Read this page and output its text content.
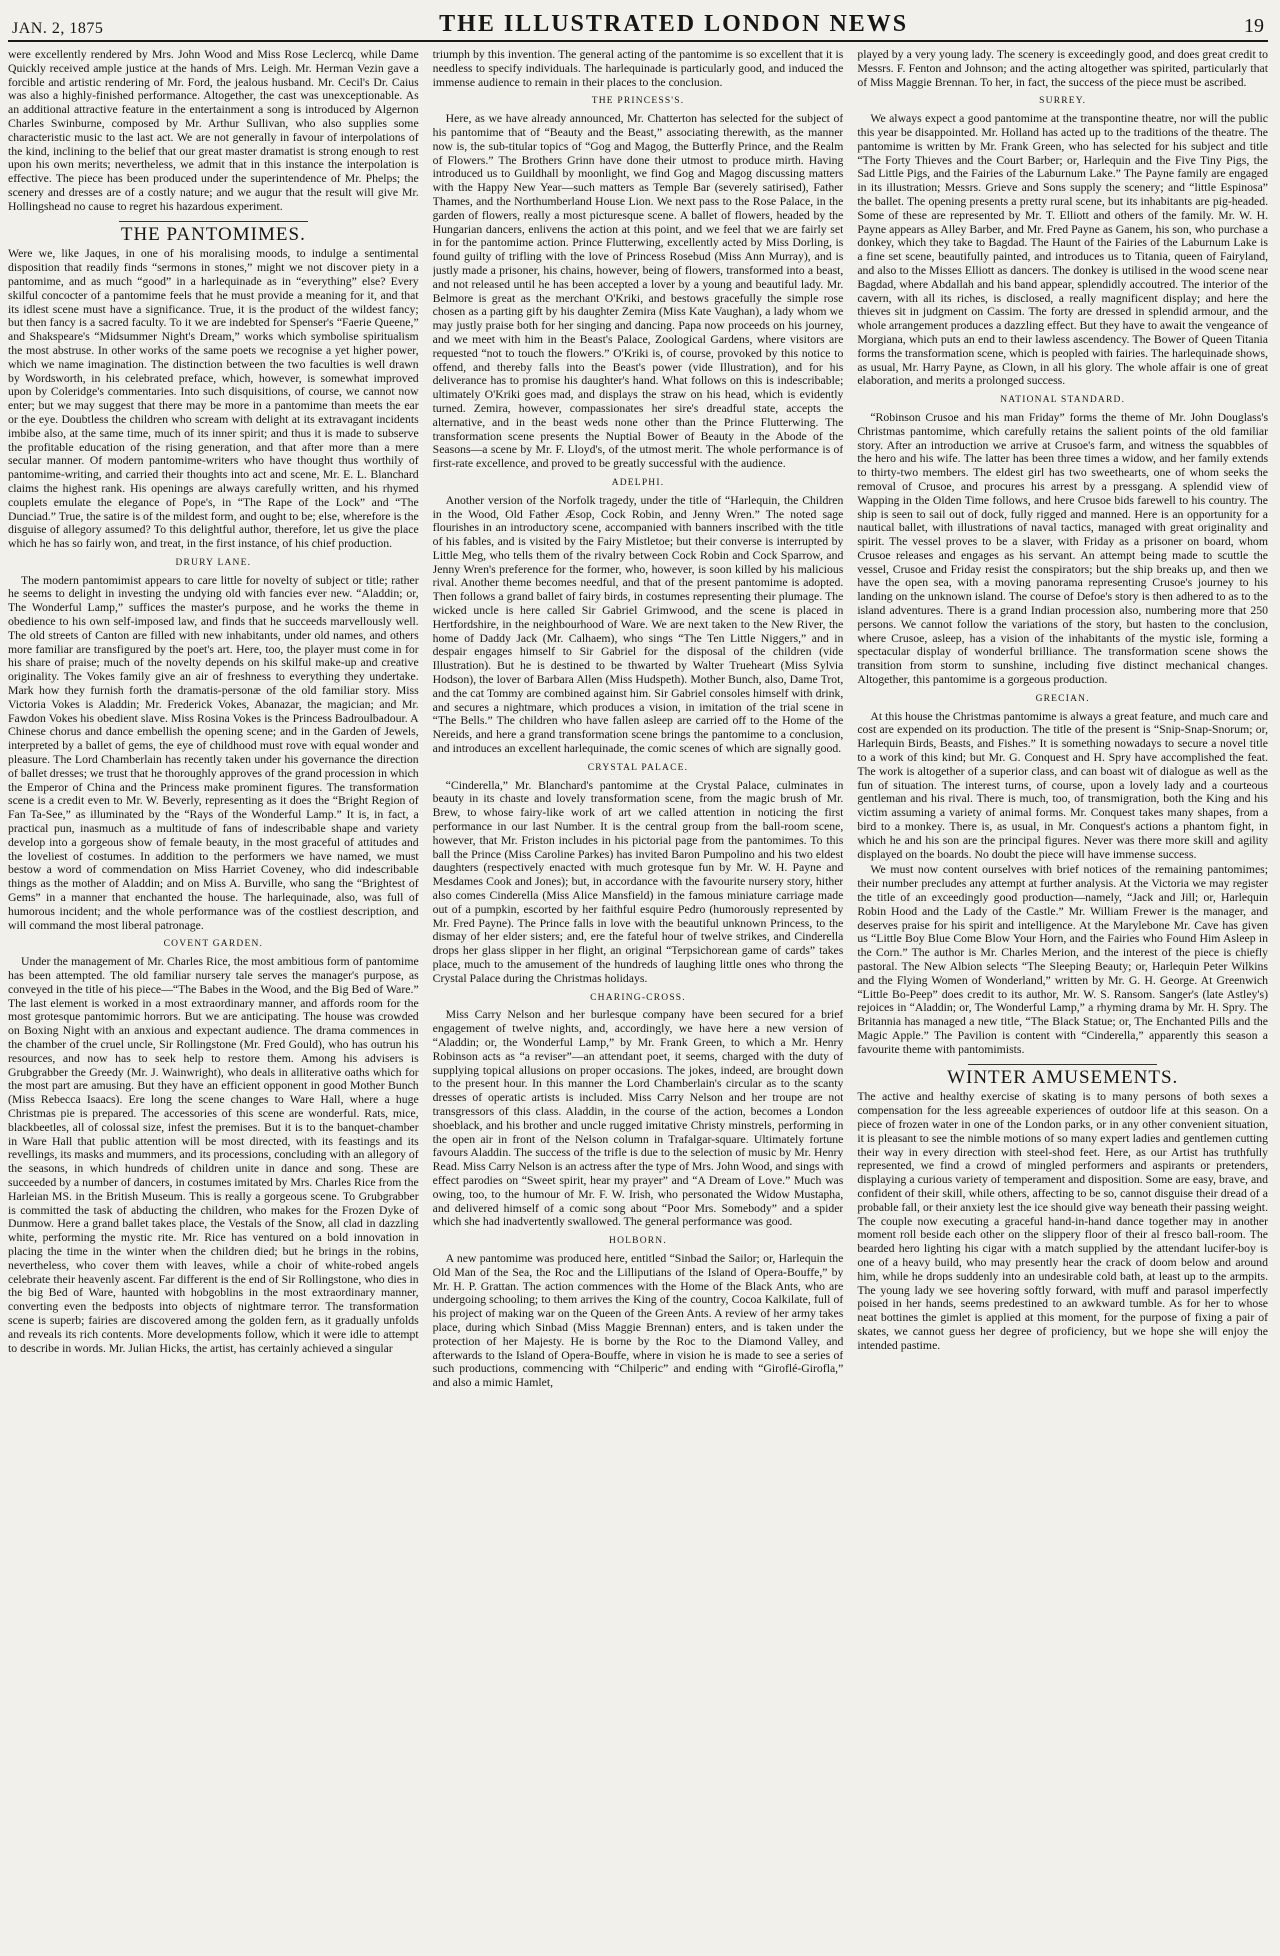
JAN. 2, 1875	THE ILLUSTRATED LONDON NEWS	19

were excellently rendered by Mrs. John Wood and Miss Rose Leclercq, while Dame Quickly received ample justice at the hands of Mrs. Leigh. Mr. Herman Vezin gave a forcible and artistic rendering of Mr. Ford, the jealous husband. Mr. Cecil's Dr. Caius was also a highly-finished performance. Altogether, the cast was unexceptionable. As an additional attractive feature in the entertainment a song is introduced by Algernon Charles Swinburne, composed by Mr. Arthur Sullivan, who also supplies some characteristic music to the last act. We are not generally in favour of interpolations of the kind, inclining to the belief that our great master dramatist is strong enough to rest upon his own merits; nevertheless, we admit that in this instance the interpolation is effective. The piece has been produced under the superintendence of Mr. Phelps; the scenery and dresses are of a costly nature; and we augur that the result will give Mr. Hollingshead no cause to regret his hazardous experiment.

THE PANTOMIMES.

Were we, like Jaques, in one of his moralising moods, to indulge a sentimental disposition that readily finds “sermons in stones,” might we not discover piety in a pantomime, and as much “good” in a harlequinade as in “everything” else? Every skilful concocter of a pantomime feels that he must provide a meaning for it, and that its idlest scene must have a significance. True, it is the product of the wildest fancy; but then fancy is a sacred faculty. To it we are indebted for Spenser's “Faerie Queene,” and Shakspeare's “Midsummer Night's Dream,” works which symbolise spiritualism the most abstruse. In other works of the same poets we recognise a yet higher power, which we name imagination. The distinction between the two faculties is well drawn by Wordsworth, in his celebrated preface, which, however, is somewhat improved upon by Coleridge's commentaries. Into such disquisitions, of course, we cannot now enter; but we may suggest that there may be more in a pantomime than meets the ear or the eye. Doubtless the children who scream with delight at its extravagant incidents imbibe also, at the same time, much of its inner spirit; and thus it is made to subserve the profitable education of the rising generation, and that after more than a mere secular manner. Of modern pantomime-writers who have thought thus worthily of pantomime-writing, and carried their thoughts into act and scene, Mr. E. L. Blanchard claims the highest rank. His openings are always carefully written, and his rhymed couplets emulate the elegance of Pope's, in “The Rape of the Lock” and “The Dunciad.” True, the satire is of the mildest form, and ought to be; else, wherefore is the disguise of allegory assumed? To this delightful author, therefore, let us give the place which he has so fairly won, and treat, in the first instance, of his chief production.

DRURY LANE.

The modern pantomimist appears to care little for novelty of subject or title; rather he seems to delight in investing the undying old with fancies ever new. “Aladdin; or, The Wonderful Lamp,” suffices the master's purpose, and he works the theme in obedience to his own self-imposed law, and finds that he succeeds marvellously well. The old streets of Canton are filled with new inhabitants, under old names, and others more familiar are transfigured by the poet's art. Here, too, the player must come in for his share of praise; much of the novelty depends on his skilful make-up and creative originality. The Vokes family give an air of freshness to everything they undertake. Mark how they furnish forth the dramatis-personæ of the old familiar story. Miss Victoria Vokes is Aladdin; Mr. Frederick Vokes, Abanazar, the magician; and Mr. Fawdon Vokes his obedient slave. Miss Rosina Vokes is the Princess Badroulbadour. A Chinese chorus and dance embellish the opening scene; and in the Garden of Jewels, interpreted by a ballet of gems, the eye of childhood must rove with equal wonder and pleasure. The Lord Chamberlain has recently taken under his governance the direction of ballet dresses; we trust that he thoroughly approves of the grand procession in which the Emperor of China and the Princess make prominent figures. The transformation scene is a credit even to Mr. W. Beverly, representing as it does the “Bright Region of Fan Ta-See,” as illuminated by the “Rays of the Wonderful Lamp.” It is, in fact, a practical pun, inasmuch as a multitude of fans of indescribable shape and variety develop into a gorgeous show of female beauty, in the most graceful of attitudes and the loveliest of costumes. In addition to the performers we have named, we must bestow a word of commendation on Miss Harriet Coveney, who did indescribable things as the mother of Aladdin; and on Miss A. Burville, who sang the “Brightest of Gems” in a manner that enchanted the house. The harlequinade, also, was full of humorous incident; and the whole performance was of the costliest description, and will command the most liberal patronage.

COVENT GARDEN.

Under the management of Mr. Charles Rice, the most ambitious form of pantomime has been attempted. The old familiar nursery tale serves the manager's purpose, as conveyed in the title of his piece—“The Babes in the Wood, and the Big Bed of Ware.” The last element is worked in a most extraordinary manner, and affords room for the most grotesque pantomimic horrors. But we are anticipating. The house was crowded on Boxing Night with an anxious and expectant audience. The drama commences in the chamber of the cruel uncle, Sir Rollingstone (Mr. Fred Gould), who has outrun his resources, and now has to seek help to restore them. Among his advisers is Grubgrabber the Greedy (Mr. J. Wainwright), who deals in alliterative oaths which for the most part are amusing. But they have an efficient opponent in good Mother Bunch (Miss Rebecca Isaacs). Ere long the scene changes to Ware Hall, where a huge Christmas pie is prepared. The accessories of this scene are wonderful. Rats, mice, blackbeetles, all of colossal size, infest the premises. But it is to the banquet-chamber in Ware Hall that public attention will be most directed, with its feastings and its revellings, its masks and mummers, and its processions, concluding with an allegory of the seasons, in which hundreds of children unite in dance and song. These are succeeded by a number of dancers, in costumes imitated by Mrs. Charles Rice from the Harleian MS. in the British Museum. This is really a gorgeous scene. To Grubgrabber is committed the task of abducting the children, who makes for the Frozen Dyke of Dunmow. Here a grand ballet takes place, the Vestals of the Snow, all clad in dazzling white, performing the mystic rite. Mr. Rice has ventured on a bold innovation in placing the time in the winter when the children died; but he brings in the robins, nevertheless, who cover them with leaves, while a choir of white-robed angels celebrate their heavenly ascent. Far different is the end of Sir Rollingstone, who dies in the big Bed of Ware, haunted with hobgoblins in the most extraordinary manner, converting even the bedposts into objects of nightmare terror. The transformation scene is superb; fairies are discovered among the golden fern, as it gradually unfolds and reveals its rich contents. More developments follow, which it were idle to attempt to describe in words. Mr. Julian Hicks, the artist, has certainly achieved a singular

triumph by this invention. The general acting of the pantomime is so excellent that it is needless to specify individuals. The harlequinade is particularly good, and induced the immense audience to remain in their places to the conclusion.

THE PRINCESS'S.

Here, as we have already announced, Mr. Chatterton has selected for the subject of his pantomime that of “Beauty and the Beast,” associating therewith, as the manner now is, the sub-titular topics of “Gog and Magog, the Butterfly Prince, and the Realm of Flowers.” The Brothers Grinn have done their utmost to produce mirth. Having introduced us to Guildhall by moonlight, we find Gog and Magog discussing matters with the Happy New Year—such matters as Temple Bar (severely satirised), Father Thames, and the Northumberland House Lion. We next pass to the Rose Palace, in the garden of flowers, really a most picturesque scene. A ballet of flowers, headed by the Hungarian dancers, enlivens the action at this point, and we feel that we are fairly set in for the pantomime action. Prince Flutterwing, excellently acted by Miss Dorling, is found guilty of trifling with the love of Princess Rosebud (Miss Ann Murray), and is justly made a prisoner, his chains, however, being of flowers, transformed into a beast, and not released until he has been accepted a lover by a young and beautiful lady. Mr. Belmore is great as the merchant O'Kriki, and bestows gracefully the simple rose chosen as a parting gift by his daughter Zemira (Miss Kate Vaughan), a lady whom we may justly praise both for her singing and dancing. Papa now proceeds on his journey, and we meet with him in the Beast's Palace, Zoological Gardens, where visitors are requested “not to touch the flowers.” O'Kriki is, of course, provoked by this notice to offend, and thereby falls into the Beast's power (vide Illustration), and for his deliverance has to promise his daughter's hand. What follows on this is indescribable; ultimately O'Kriki goes mad, and displays the straw on his head, which is evidently turned. Zemira, however, compassionates her sire's dreadful state, accepts the alternative, and in the beast weds none other than the Prince Flutterwing. The transformation scene presents the Nuptial Bower of Beauty in the Abode of the Seasons—a scene by Mr. F. Lloyd's, of the utmost merit. The whole performance is of first-rate excellence, and proved to be greatly successful with the audience.

ADELPHI.

Another version of the Norfolk tragedy, under the title of “Harlequin, the Children in the Wood, Old Father Æsop, Cock Robin, and Jenny Wren.” The noted sage flourishes in an introductory scene, accompanied with banners inscribed with the title of his fables, and is visited by the Fairy Mistletoe; but their converse is interrupted by Little Meg, who tells them of the rivalry between Cock Robin and Cock Sparrow, and Jenny Wren's preference for the former, who, however, is soon killed by his malicious rival. Another theme becomes needful, and that of the present pantomime is adopted. Then follows a grand ballet of fairy birds, in costumes representing their plumage. The wicked uncle is here called Sir Gabriel Grimwood, and the scene is placed in Hertfordshire, in the neighbourhood of Ware. We are next taken to the New River, the home of Daddy Jack (Mr. Calhaem), who sings “The Ten Little Niggers,” and in despair engages himself to Sir Gabriel for the disposal of the children (vide Illustration). But he is destined to be thwarted by Walter Trueheart (Miss Sylvia Hodson), the lover of Barbara Allen (Miss Hudspeth). Mother Bunch, also, Dame Trot, and the cat Tommy are combined against him. Sir Gabriel consoles himself with drink, and secures a nightmare, which produces a vision, in imitation of the trial scene in “The Bells.” The children who have fallen asleep are carried off to the Home of the Nereids, and here a grand transformation scene brings the pantomime to a conclusion, and introduces an excellent harlequinade, the comic scenes of which are signally good.

CRYSTAL PALACE.

“Cinderella,” Mr. Blanchard's pantomime at the Crystal Palace, culminates in beauty in its chaste and lovely transformation scene, from the magic brush of Mr. Brew, to whose fairy-like work of art we called attention in noticing the first performance in our last Number. It is the central group from the ball-room scene, however, that Mr. Friston includes in his pictorial page from the pantomimes. To this ball the Prince (Miss Caroline Parkes) has invited Baron Pumpolino and his two eldest daughters (respectively enacted with much grotesque fun by Mr. W. H. Payne and Mesdames Cook and Jones); but, in accordance with the favourite nursery story, hither also comes Cinderella (Miss Alice Mansfield) in the famous miniature carriage made out of a pumpkin, escorted by her faithful esquire Pedro (humorously represented by Mr. Fred Payne). The Prince falls in love with the beautiful unknown Princess, to the dismay of her elder sisters; and, ere the fateful hour of twelve strikes, and Cinderella drops her glass slipper in her flight, an original “Terpsichorean game of cards” takes place, much to the amusement of the hundreds of laughing little ones who throng the Crystal Palace during the Christmas holidays.

CHARING-CROSS.

Miss Carry Nelson and her burlesque company have been secured for a brief engagement of twelve nights, and, accordingly, we have here a new version of “Aladdin; or, the Wonderful Lamp,” by Mr. Frank Green, to which a Mr. Henry Robinson acts as “a reviser”—an attendant poet, it seems, charged with the duty of supplying topical allusions on proper occasions. The jokes, indeed, are brought down to the present hour. In this manner the Lord Chamberlain's circular as to the scanty dresses of operatic artists is included. Miss Carry Nelson and her troupe are not transgressors of this class. Aladdin, in the course of the action, becomes a London shoeblack, and his brother and uncle rugged imitative Christy minstrels, performing in the open air in front of the Nelson column in Trafalgar-square. Ultimately fortune favours Aladdin. The success of the trifle is due to the selection of music by Mr. Henry Read. Miss Carry Nelson is an actress after the type of Mrs. John Wood, and sings with effect parodies on “Sweet spirit, hear my prayer” and “A Dream of Love.” Much was owing, too, to the humour of Mr. F. W. Irish, who personated the Widow Mustapha, and delivered himself of a comic song about “Poor Mrs. Somebody” and a spider which she had inadvertently swallowed. The general performance was good.

HOLBORN.

A new pantomime was produced here, entitled “Sinbad the Sailor; or, Harlequin the Old Man of the Sea, the Roc and the Lilliputians of the Island of Opera-Bouffe,” by Mr. H. P. Grattan. The action commences with the Home of the Black Ants, who are undergoing schooling; to them arrives the King of the country, Cocoa Kalkilate, full of his project of making war on the Queen of the Green Ants. A review of her army takes place, during which Sinbad (Miss Maggie Brennan) enters, and is taken under the protection of her Majesty. He is borne by the Roc to the Diamond Valley, and afterwards to the Island of Opera-Bouffe, where in vision he is made to see a series of such productions, commencing with “Chilperic” and ending with “Giroflé-Girofla,” and also a mimic Hamlet,

played by a very young lady. The scenery is exceedingly good, and does great credit to Messrs. F. Fenton and Johnson; and the acting altogether was spirited, particularly that of Miss Maggie Brennan. To her, in fact, the success of the piece must be ascribed.

SURREY.

We always expect a good pantomime at the transpontine theatre, nor will the public this year be disappointed. Mr. Holland has acted up to the traditions of the theatre. The pantomime is written by Mr. Frank Green, who has selected for his subject and title “The Forty Thieves and the Court Barber; or, Harlequin and the Five Tiny Pigs, the Sad Little Pigs, and the Fairies of the Laburnum Lake.” The Payne family are engaged in its illustration; Messrs. Grieve and Sons supply the scenery; and “little Espinosa” the ballet. The opening presents a pretty rural scene, but its inhabitants are pig-headed. Some of these are represented by Mr. T. Elliott and others of the family. Mr. W. H. Payne appears as Alley Barber, and Mr. Fred Payne as Ganem, his son, who purchase a donkey, which they take to Bagdad. The Haunt of the Fairies of the Laburnum Lake is a fine set scene, beautifully painted, and introduces us to Titania, queen of Fairyland, and also to the Misses Elliott as dancers. The donkey is utilised in the wood scene near Bagdad, where Abdallah and his band appear, splendidly accoutred. The interior of the cavern, with all its riches, is disclosed, a really magnificent display; and here the thieves sit in judgment on Cassim. The forty are dressed in splendid armour, and the whole arrangement produces a dazzling effect. But they have to await the vengeance of Morgiana, which puts an end to their lawless ascendency. The Bower of Queen Titania forms the transformation scene, which is peopled with fairies. The harlequinade shows, as usual, Mr. Harry Payne, as Clown, in all his glory. The whole affair is one of great elaboration, and merits a prolonged success.

NATIONAL STANDARD.

“Robinson Crusoe and his man Friday” forms the theme of Mr. John Douglass's Christmas pantomime, which carefully retains the salient points of the old familiar story. After an introduction we arrive at Crusoe's farm, and witness the squabbles of the hero and his wife. The latter has been three times a widow, and her family extends to thirty-two members. The eldest girl has two sweethearts, one of whom seeks the removal of Crusoe, and procures his arrest by a pressgang. A splendid view of Wapping in the Olden Time follows, and here Crusoe bids farewell to his country. The ship is seen to sail out of dock, fully rigged and manned. Here is an opportunity for a nautical ballet, with illustrations of naval tactics, managed with great originality and spirit. The vessel proves to be a slaver, with Friday as a prisoner on board, whom Crusoe releases and engages as his servant. An attempt being made to scuttle the vessel, Crusoe and Friday resist the conspirators; but the ship breaks up, and then we have the open sea, with a moving panorama representing Crusoe's journey to his landing on the unknown island. The course of Defoe's story is then adhered to as to the island adventures. There is a grand Indian procession also, numbering more that 250 persons. We cannot follow the variations of the story, but hasten to the conclusion, where Crusoe, asleep, has a vision of the inhabitants of the mystic isle, forming a spectacular display of wonderful brilliance. The transformation scene shows the transition from storm to sunshine, including five distinct mechanical changes. Altogether, this pantomime is a gorgeous production.

GRECIAN.

At this house the Christmas pantomime is always a great feature, and much care and cost are expended on its production. The title of the present is “Snip-Snap-Snorum; or, Harlequin Birds, Beasts, and Fishes.” It is something nowadays to secure a novel title to a work of this kind; but Mr. G. Conquest and H. Spry have accomplished the feat. The work is altogether of a superior class, and can boast wit of dialogue as well as the fun of situation. The interest turns, of course, upon a lovely lady and a courteous gentleman and his rival. There is much, too, of transmigration, both the King and his victim assuming a variety of animal forms. Mr. Conquest takes many shapes, from a bird to a monkey. There is, as usual, in Mr. Conquest's actions a phantom fight, in which he and his son are the principal figures. Never was there more skill and agility displayed on the boards. No doubt the piece will have immense success.

We must now content ourselves with brief notices of the remaining pantomimes; their number precludes any attempt at further analysis. At the Victoria we may register the title of an exceedingly good production—namely, “Jack and Jill; or, Harlequin Robin Hood and the Lady of the Castle.” Mr. William Frewer is the manager, and deserves praise for his spirit and intelligence. At the Marylebone Mr. Cave has given us “Little Boy Blue Come Blow Your Horn, and the Fairies who Found Him Asleep in the Corn.” The author is Mr. Charles Merion, and the interest of the piece is chiefly pastoral. The New Albion selects “The Sleeping Beauty; or, Harlequin Peter Wilkins and the Flying Women of Wonderland,” written by Mr. G. H. George. At Greenwich “Little Bo-Peep” does credit to its author, Mr. W. S. Ransom. Sanger's (late Astley's) rejoices in “Aladdin; or, The Wonderful Lamp,” a rhyming drama by Mr. H. Spry. The Britannia has managed a new title, “The Black Statue; or, The Enchanted Pills and the Magic Apple.” The Pavilion is content with “Cinderella,” apparently this season a favourite theme with pantomimists.

WINTER AMUSEMENTS.

The active and healthy exercise of skating is to many persons of both sexes a compensation for the less agreeable experiences of outdoor life at this season. On a piece of frozen water in one of the London parks, or in any other convenient situation, it is pleasant to see the nimble motions of so many expert ladies and gentlemen cutting their way in every direction with steel-shod feet. Here, as our Artist has truthfully represented, we find a crowd of mingled performers and aspirants or pretenders, displaying a curious variety of temperament and disposition. Some are easy, brave, and confident of their skill, while others, affecting to be so, cannot disguise their dread of a probable fall, or their anxiety lest the ice should give way beneath their passing weight. The couple now executing a graceful hand-in-hand dance together may in another moment roll beside each other on the slippery floor of their al fresco ball-room. The bearded hero lighting his cigar with a match supplied by the attendant lucifer-boy is one of a heavy build, who may presently hear the crack of doom below and around him, while he drops suddenly into an undesirable cold bath, at least up to the armpits. The young lady we see hovering softly forward, with muff and parasol imperfectly poised in her hands, seems predestined to an awkward tumble. As for her to whose neat bottines the gimlet is applied at this moment, for the purpose of fixing a pair of skates, we cannot guess her degree of proficiency, but we hope she will enjoy the intended pastime.
